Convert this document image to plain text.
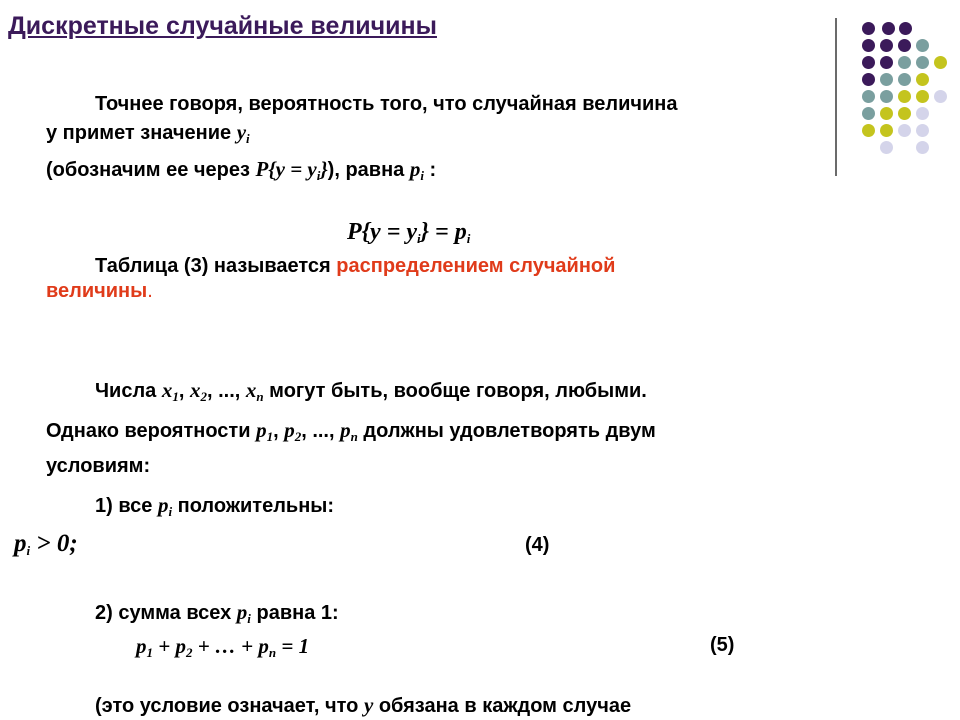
Дискретные случайные величины
Точнее говоря, вероятность того, что случайная величина
у примет значение $y_i$
(обозначим ее через $P\{y = y_i\}$), равна $p_i$ :
$P\{y = y_i\} = p_i$
Таблица (3) называется распределением случайной
величины.
Числа $x_1$, $x_2$, ..., $x_n$ могут быть, вообще говоря, любыми.
Однако вероятности $p_1$, $p_2$, ..., $p_n$ должны удовлетворять двум
условиям:
1) все $p_i$ положительны:
$p_i > 0$;	(4)
2) сумма всех $p_i$ равна 1:
$p_1 + p_2$ + … + $p_n = 1$	(5)
(это условие означает, что y обязана в каждом случае
